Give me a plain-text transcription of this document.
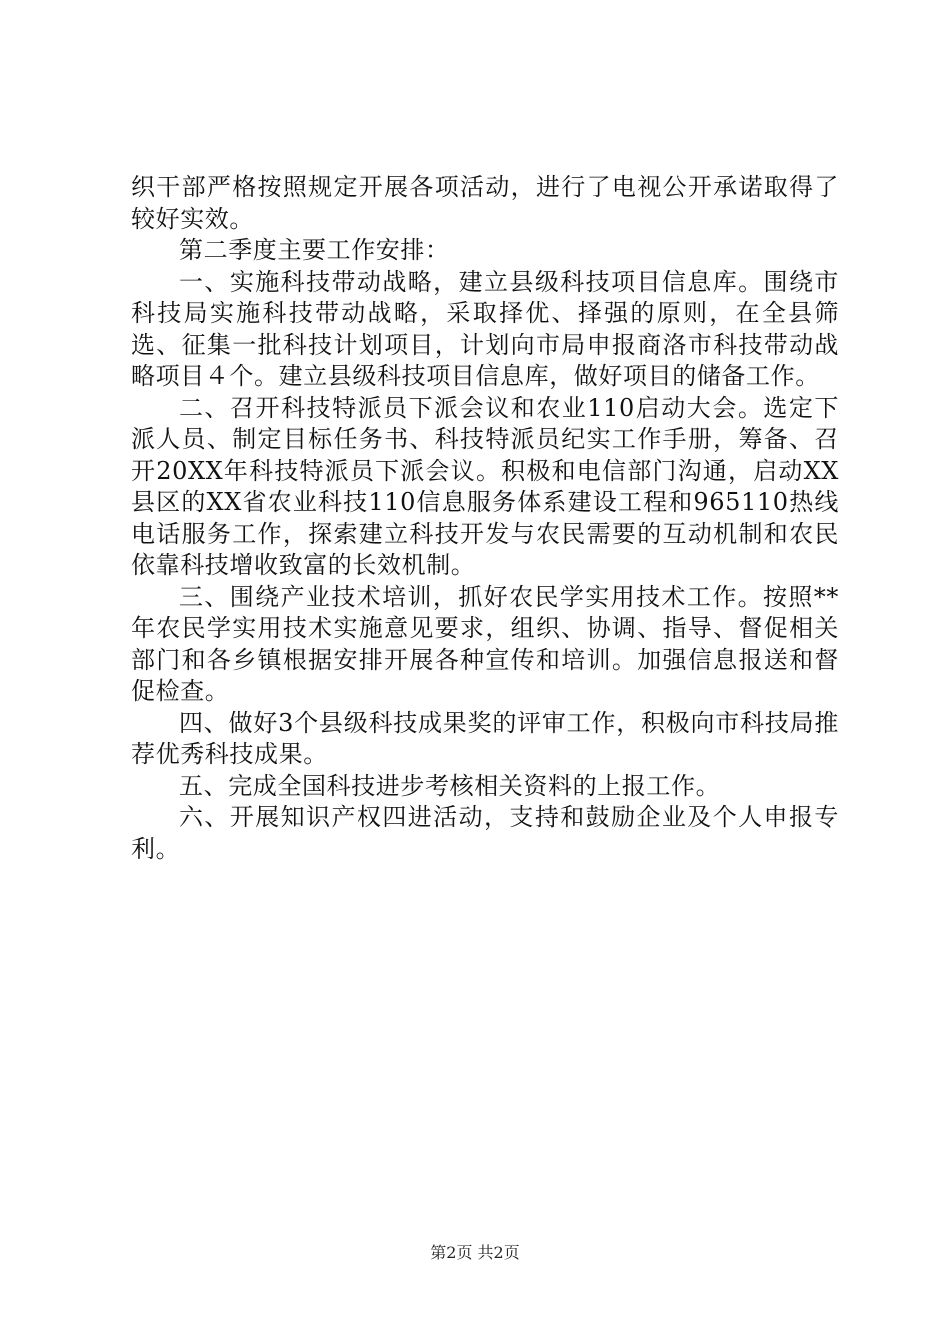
织干部严格按照规定开展各项活动，进行了电视公开承诺取得了较好实效。

第二季度主要工作安排：

一、实施科技带动战略，建立县级科技项目信息库。围绕市科技局实施科技带动战略，采取择优、择强的原则，在全县筛选、征集一批科技计划项目，计划向市局申报商洛市科技带动战略项目４个。建立县级科技项目信息库，做好项目的储备工作。

二、召开科技特派员下派会议和农业110启动大会。选定下派人员、制定目标任务书、科技特派员纪实工作手册，筹备、召开20XX年科技特派员下派会议。积极和电信部门沟通，启动XX县区的XX省农业科技110信息服务体系建设工程和965110热线电话服务工作，探索建立科技开发与农民需要的互动机制和农民依靠科技增收致富的长效机制。

三、围绕产业技术培训，抓好农民学实用技术工作。按照**年农民学实用技术实施意见要求，组织、协调、指导、督促相关部门和各乡镇根据安排开展各种宣传和培训。加强信息报送和督促检查。

四、做好3个县级科技成果奖的评审工作，积极向市科技局推荐优秀科技成果。

五、完成全国科技进步考核相关资料的上报工作。

六、开展知识产权四进活动，支持和鼓励企业及个人申报专利。

第2页 共2页
